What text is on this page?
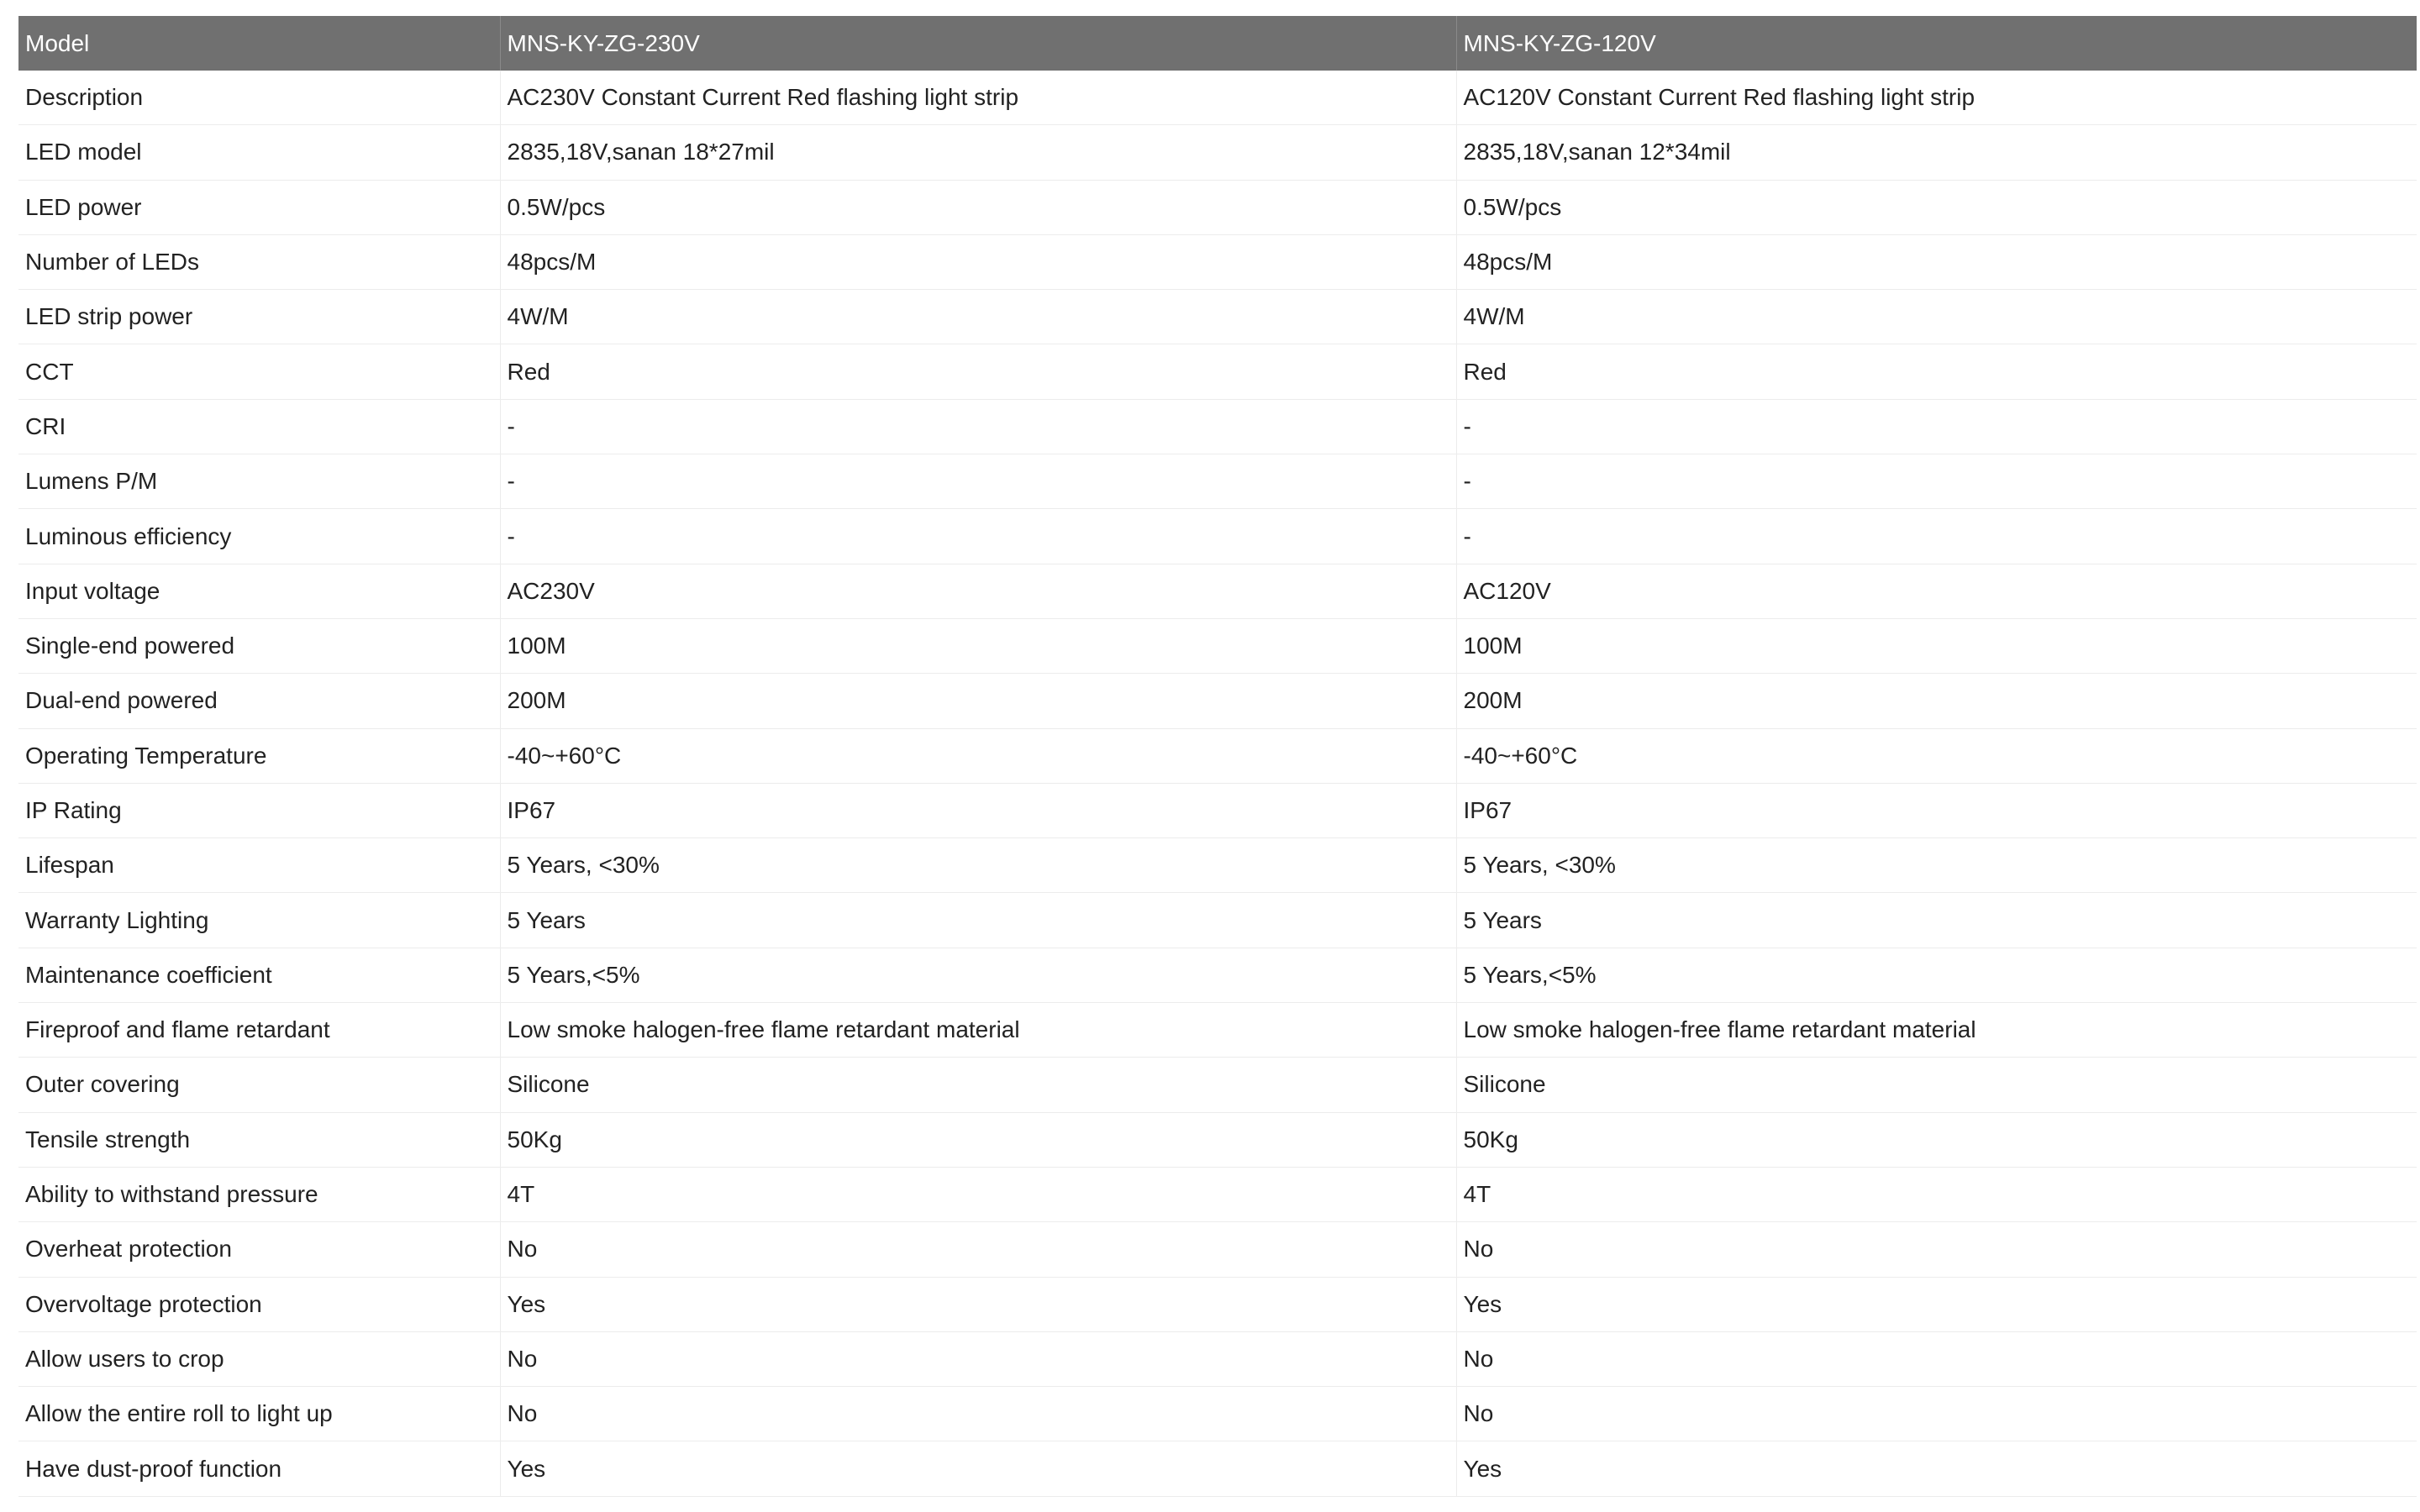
Model	MNS-KY-ZG-230V	MNS-KY-ZG-120V
Description	AC230V Constant Current Red flashing light strip	AC120V Constant Current Red flashing light strip
LED model	2835,18V,sanan 18*27mil	2835,18V,sanan 12*34mil
LED power	0.5W/pcs	0.5W/pcs
Number of LEDs	48pcs/M	48pcs/M
LED strip power	4W/M	4W/M
CCT	Red	Red
CRI	-	-
Lumens P/M	-	-
Luminous efficiency	-	-
Input voltage	AC230V	AC120V
Single-end powered	100M	100M
Dual-end powered	200M	200M
Operating Temperature	-40~+60°C	-40~+60°C
IP Rating	IP67	IP67
Lifespan	5 Years, <30%	5 Years, <30%
Warranty Lighting	5 Years	5 Years
Maintenance coefficient	5 Years,<5%	5 Years,<5%
Fireproof and flame retardant	Low smoke halogen-free flame retardant material	Low smoke halogen-free flame retardant material
Outer covering	Silicone	Silicone
Tensile strength	50Kg	50Kg
Ability to withstand pressure	4T	4T
Overheat protection	No	No
Overvoltage protection	Yes	Yes
Allow users to crop	No	No
Allow the entire roll to light up	No	No
Have dust-proof function	Yes	Yes
